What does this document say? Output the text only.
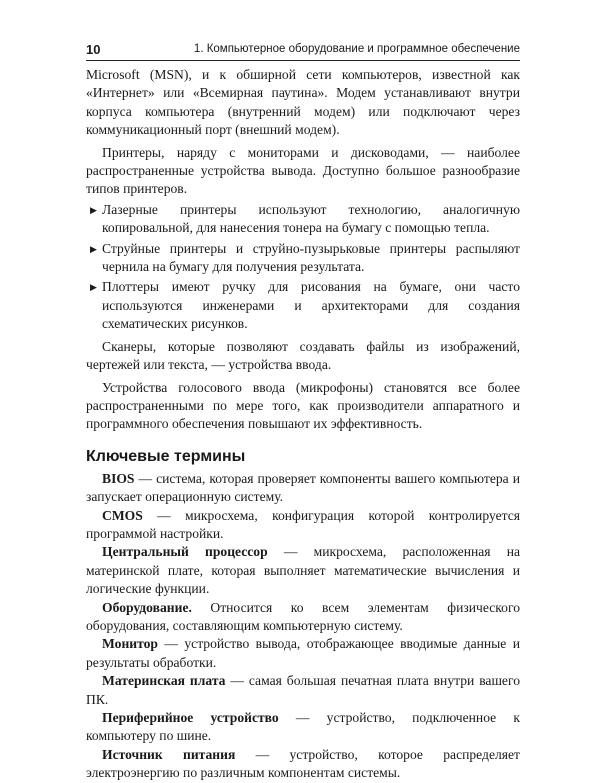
10	1. Компьютерное оборудование и программное обеспечение

Microsoft (MSN), и к обширной сети компьютеров, известной как «Интернет» или «Всемирная паутина». Модем устанавливают внутри корпуса компьютера (внутренний модем) или подключают через коммуникационный порт (внешний модем).

Принтеры, наряду с мониторами и дисководами, — наиболее распространенные устройства вывода. Доступно большое разнообразие типов принтеров.

▶ Лазерные принтеры используют технологию, аналогичную копировальной, для нанесения тонера на бумагу с помощью тепла.
▶ Струйные принтеры и струйно-пузырьковые принтеры распыляют чернила на бумагу для получения результата.
▶ Плоттеры имеют ручку для рисования на бумаге, они часто используются инженерами и архитекторами для создания схематических рисунков.

Сканеры, которые позволяют создавать файлы из изображений, чертежей или текста, — устройства ввода.

Устройства голосового ввода (микрофоны) становятся все более распространенными по мере того, как производители аппаратного и программного обеспечения повышают их эффективность.

Ключевые термины

BIOS — система, которая проверяет компоненты вашего компьютера и запускает операционную систему.

CMOS — микросхема, конфигурация которой контролируется программой настройки.

Центральный процессор — микросхема, расположенная на материнской плате, которая выполняет математические вычисления и логические функции.

Оборудование. Относится ко всем элементам физического оборудования, составляющим компьютерную систему.

Монитор — устройство вывода, отображающее вводимые данные и результаты обработки.

Материнская плата — самая большая печатная плата внутри вашего ПК.

Периферийное устройство — устройство, подключенное к компьютеру по шине.

Источник питания — устройство, которое распределяет электроэнергию по различным компонентам системы.
